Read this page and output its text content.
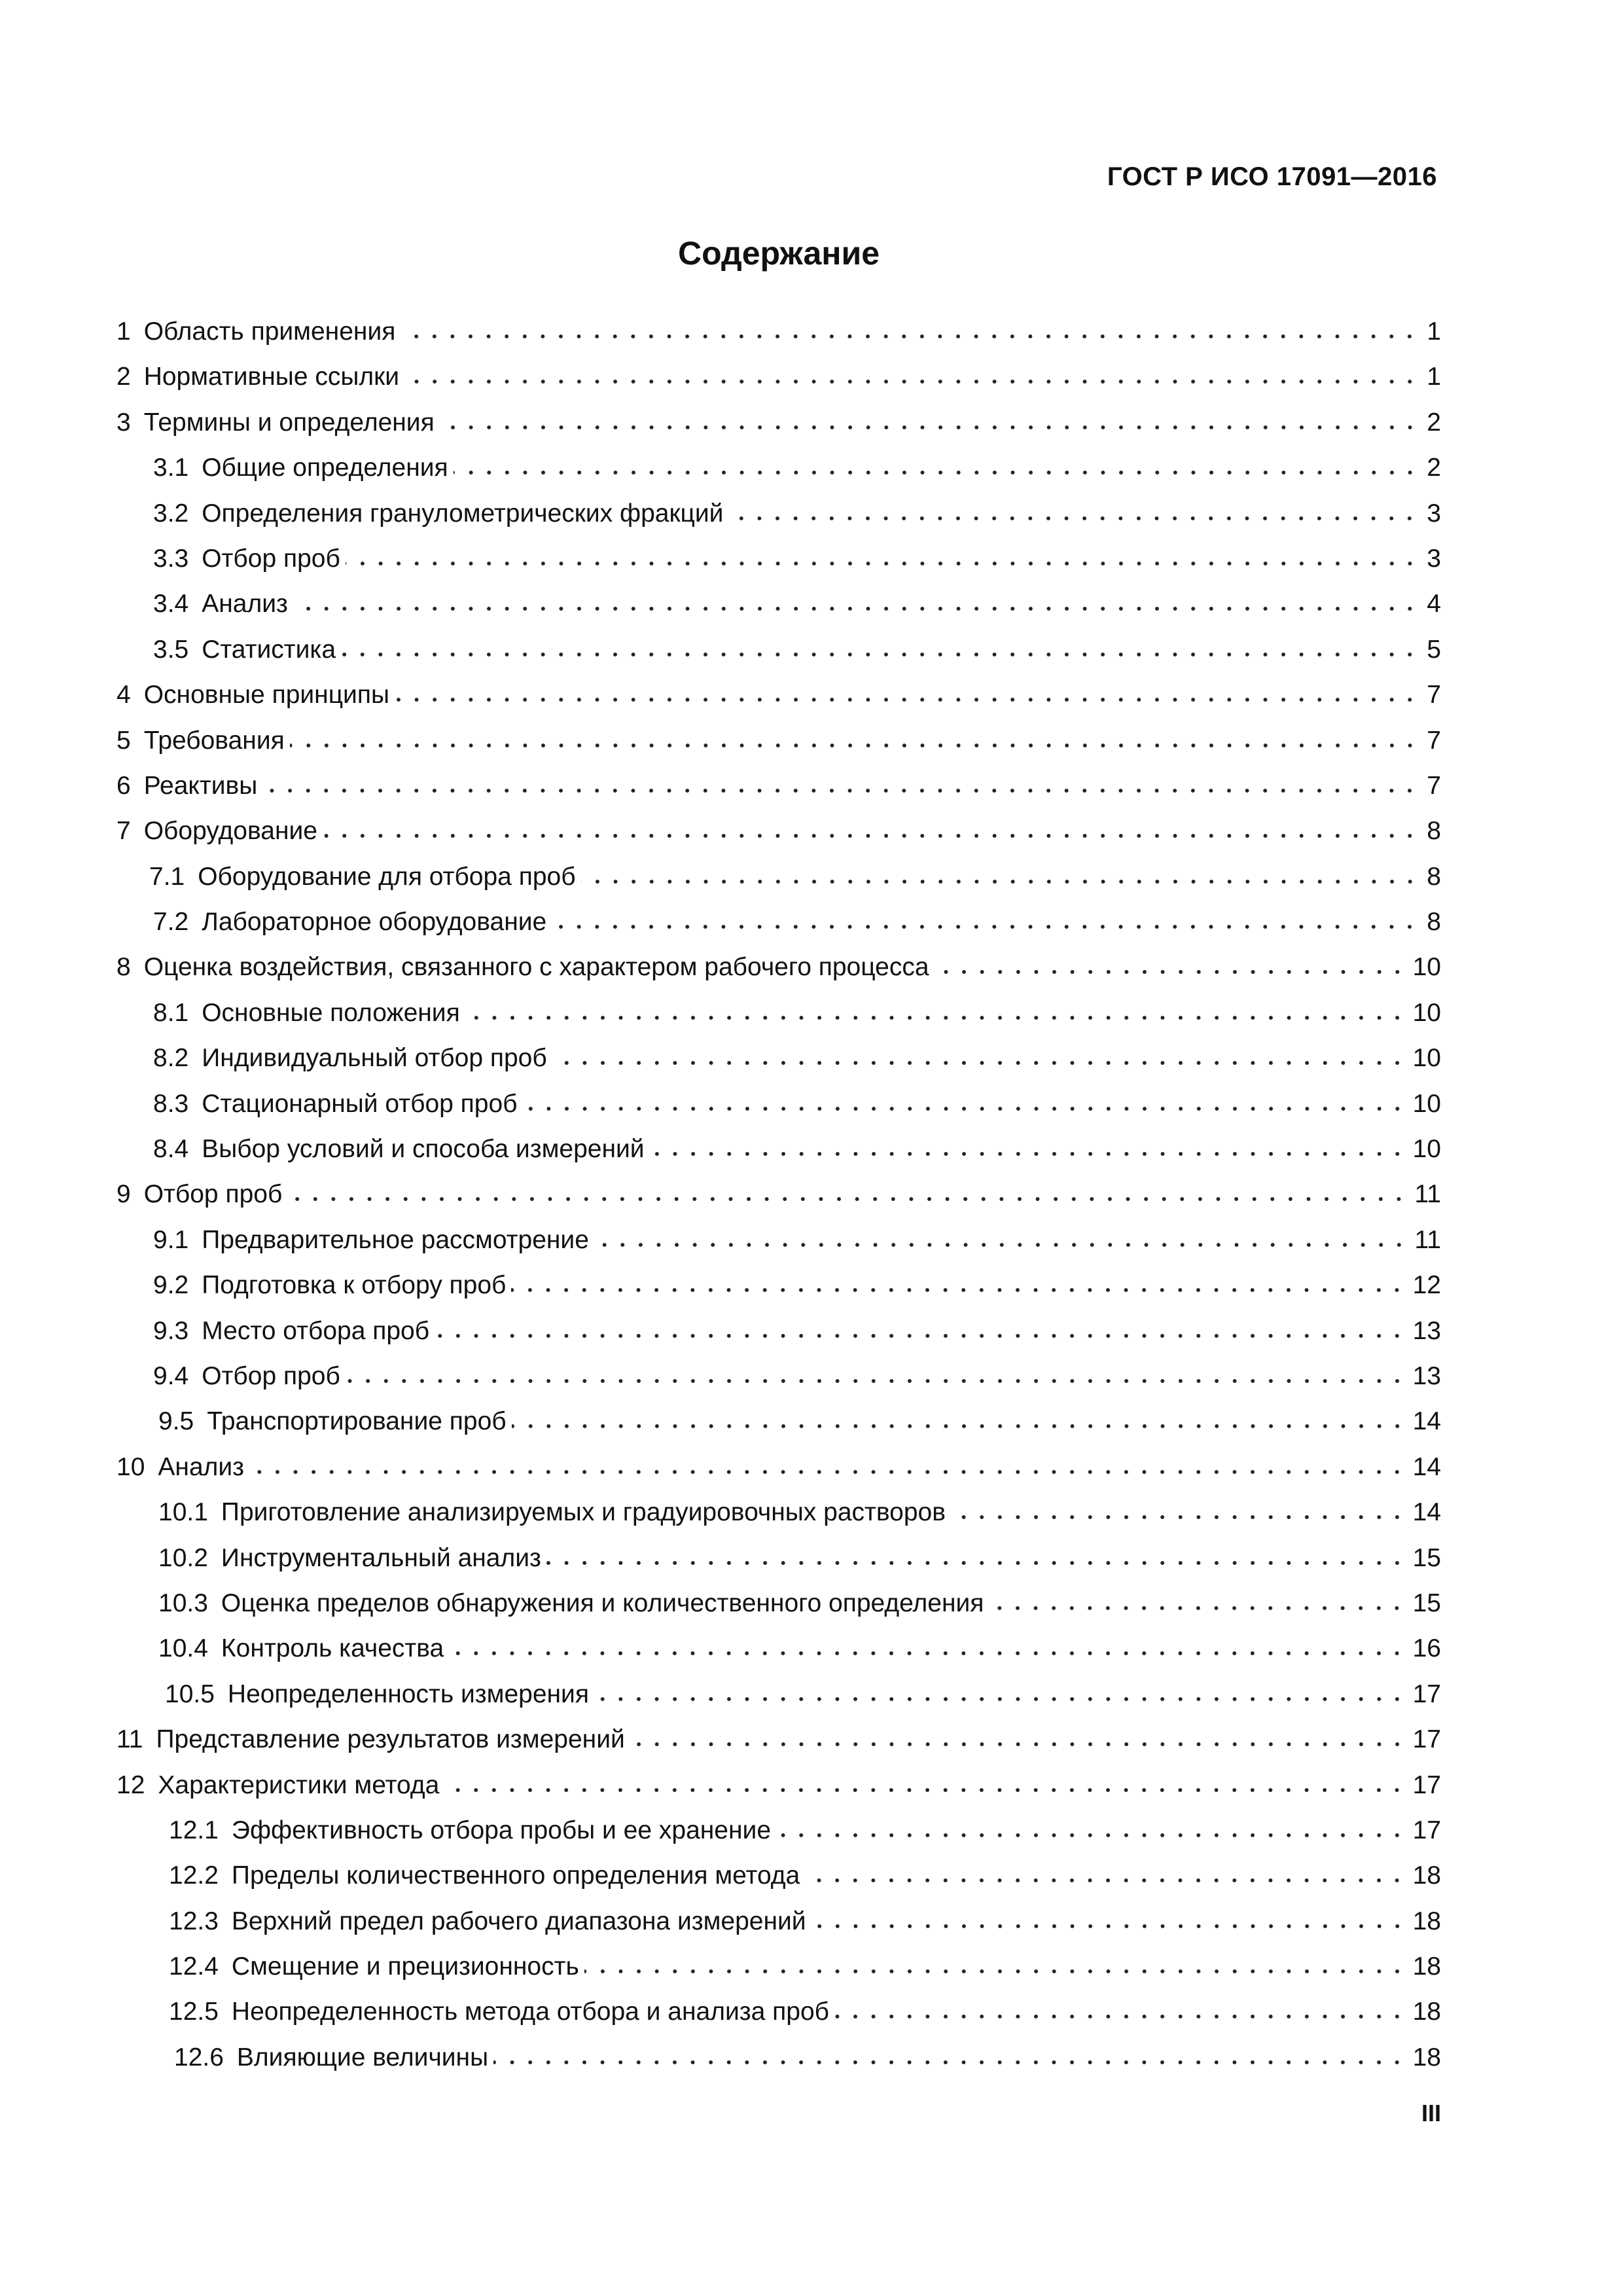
ГОСТ Р ИСО 17091—2016
Содержание
1 Область применения	1
2 Нормативные ссылки	1
3 Термины и определения	2
3.1 Общие определения	2
3.2 Определения гранулометрических фракций	3
3.3 Отбор проб	3
3.4 Анализ	4
3.5 Статистика	5
4 Основные принципы	7
5 Требования	7
6 Реактивы	7
7 Оборудование	8
7.1 Оборудование для отбора проб	8
7.2 Лабораторное оборудование	8
8 Оценка воздействия, связанного с характером рабочего процесса	10
8.1 Основные положения	10
8.2 Индивидуальный отбор проб	10
8.3 Стационарный отбор проб	10
8.4 Выбор условий и способа измерений	10
9 Отбор проб	11
9.1 Предварительное рассмотрение	11
9.2 Подготовка к отбору проб	12
9.3 Место отбора проб	13
9.4 Отбор проб	13
9.5 Транспортирование проб	14
10 Анализ	14
10.1 Приготовление анализируемых и градуировочных растворов	14
10.2 Инструментальный анализ	15
10.3 Оценка пределов обнаружения и количественного определения	15
10.4 Контроль качества	16
10.5 Неопределенность измерения	17
11 Представление результатов измерений	17
12 Характеристики метода	17
12.1 Эффективность отбора пробы и ее хранение	17
12.2 Пределы количественного определения метода	18
12.3 Верхний предел рабочего диапазона измерений	18
12.4 Смещение и прецизионность	18
12.5 Неопределенность метода отбора и анализа проб	18
12.6 Влияющие величины	18
III
